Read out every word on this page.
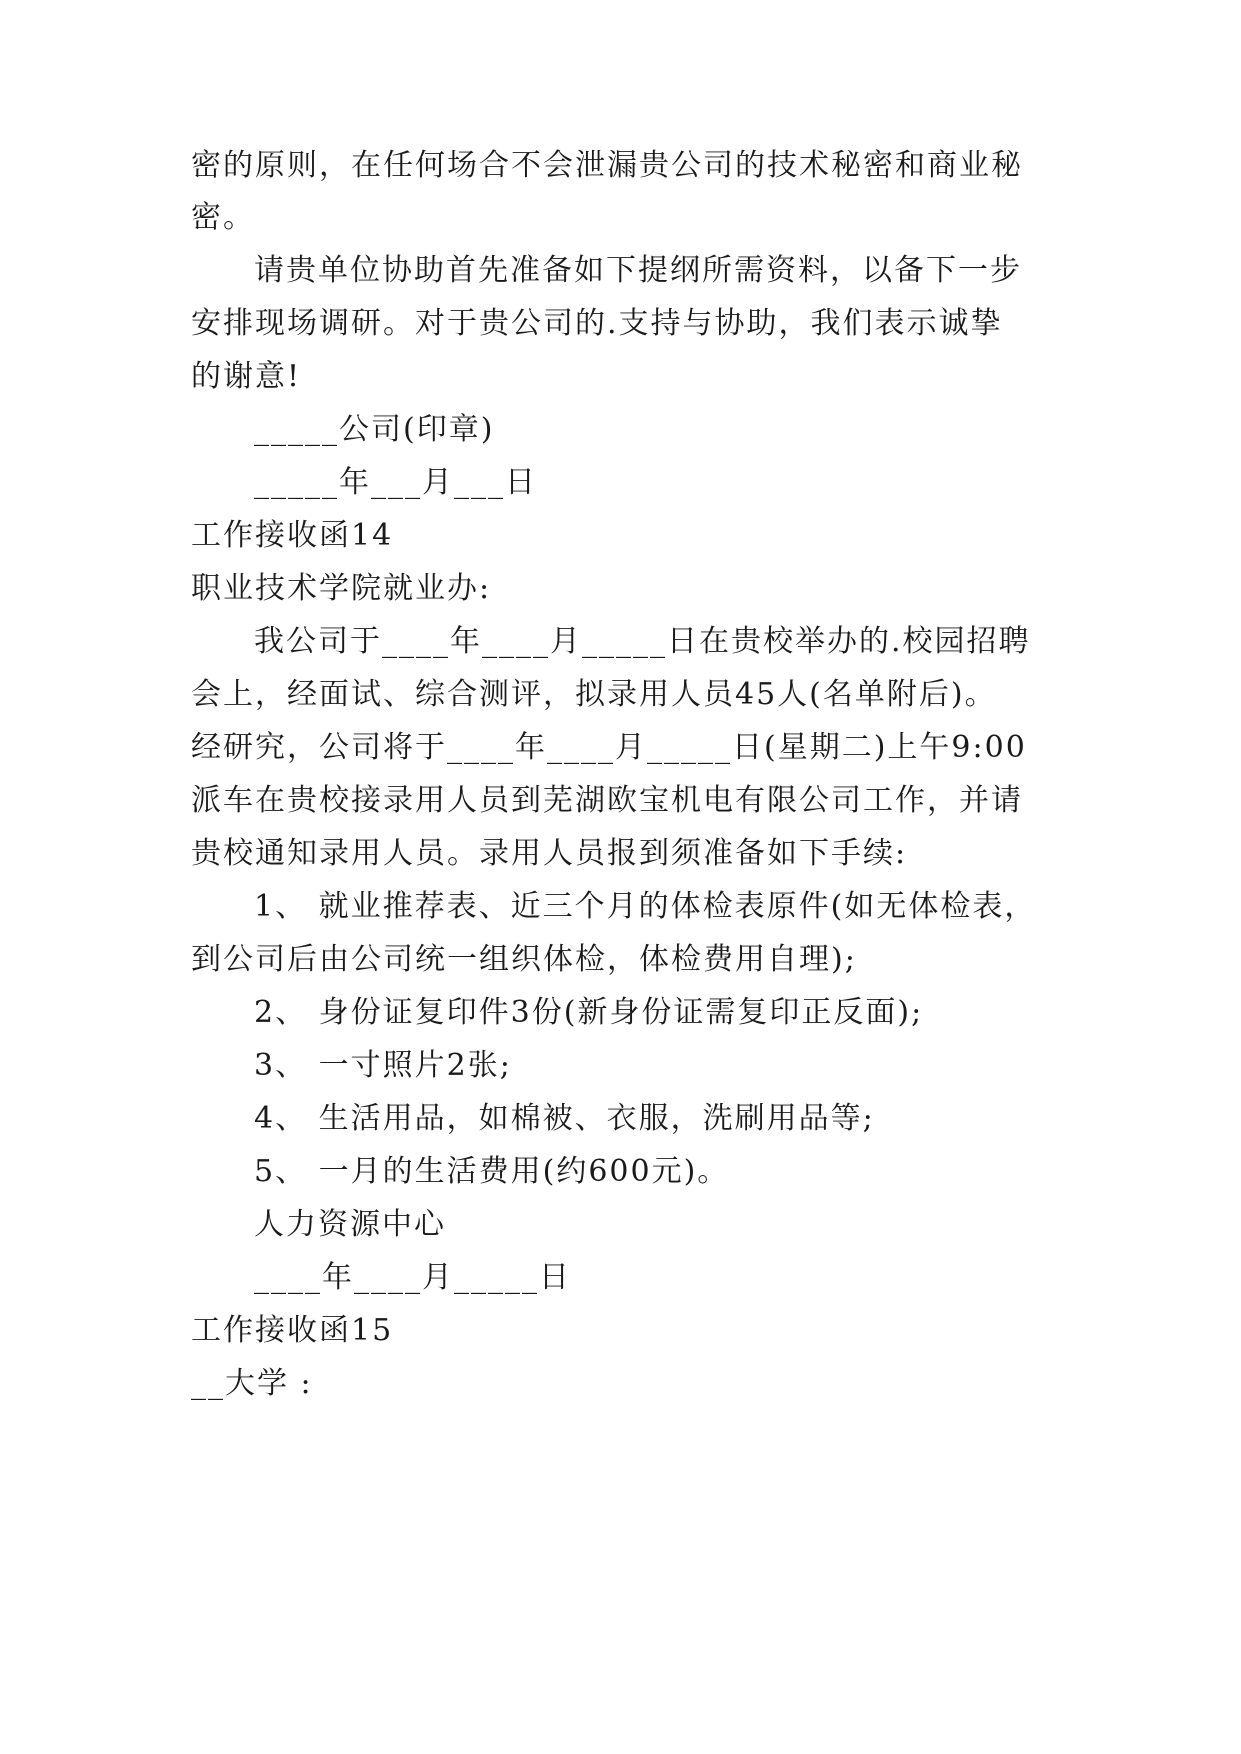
密的原则，在任何场合不会泄漏贵公司的技术秘密和商业秘
密。
请贵单位协助首先准备如下提纲所需资料，以备下一步
安排现场调研。对于贵公司的.支持与协助，我们表示诚挚
的谢意!
_____公司(印章)
_____年___月___日
工作接收函14
职业技术学院就业办:
我公司于____年____月_____日在贵校举办的.校园招聘
会上，经面试、综合测评，拟录用人员45人(名单附后)。
经研究，公司将于____年____月_____日(星期二)上午9:00
派车在贵校接录用人员到芜湖欧宝机电有限公司工作，并请
贵校通知录用人员。录用人员报到须准备如下手续:
1、 就业推荐表、近三个月的体检表原件(如无体检表，
到公司后由公司统一组织体检，体检费用自理);
2、 身份证复印件3份(新身份证需复印正反面);
3、 一寸照片2张;
4、 生活用品，如棉被、衣服，洗刷用品等;
5、 一月的生活费用(约600元)。
人力资源中心
____年____月_____日
工作接收函15
__大学 :
